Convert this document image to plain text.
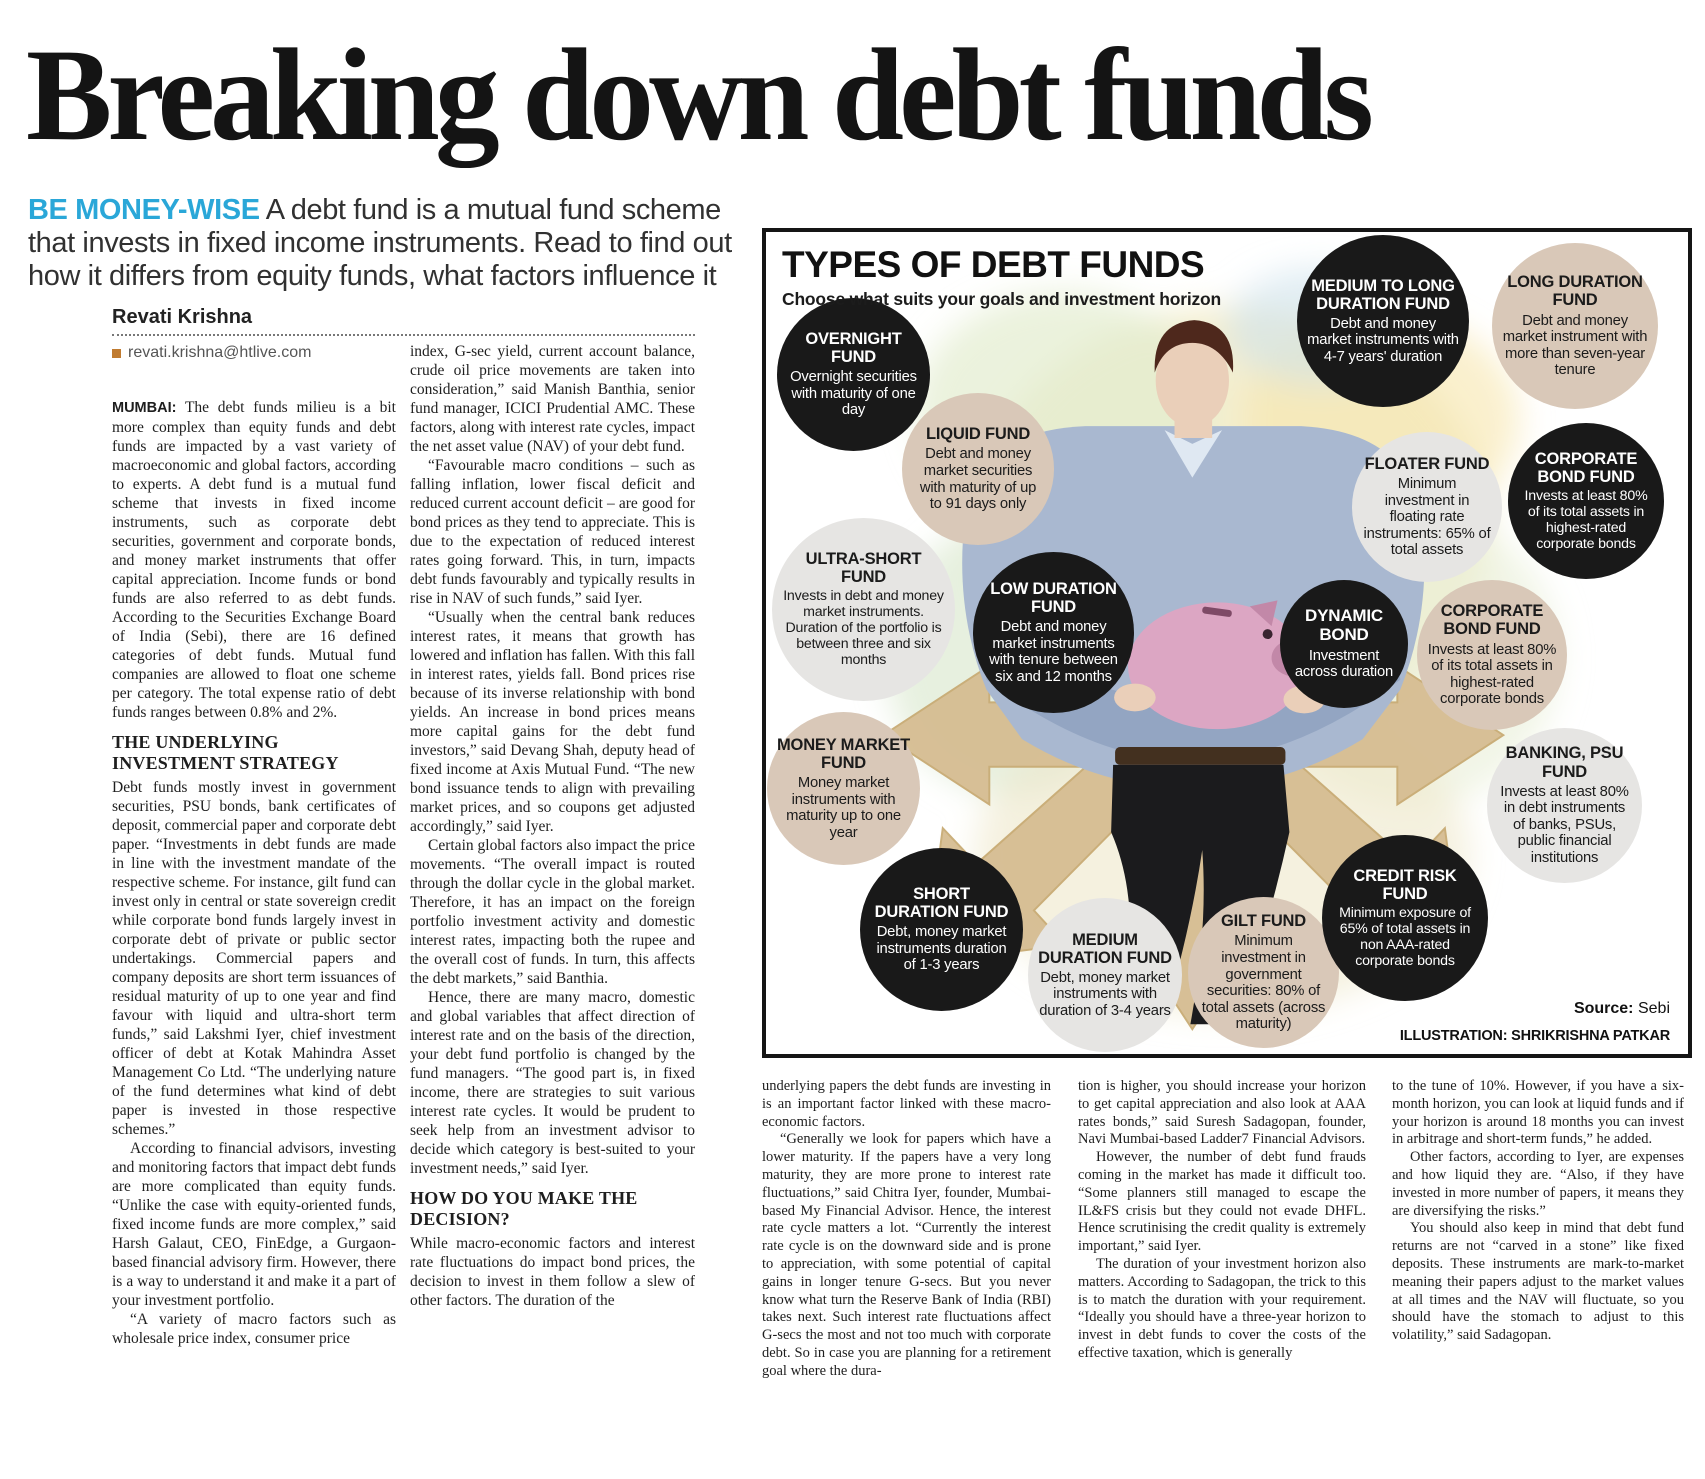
Breaking down debt funds
BE MONEY-WISE A debt fund is a mutual fund scheme that invests in fixed income instruments. Read to find out how it differs from equity funds, what factors influence it
Revati Krishna
revati.krishna@htlive.com

MUMBAI: The debt funds milieu is a bit more complex than equity funds and debt funds are impacted by a vast variety of macroeconomic and global factors, according to experts. A debt fund is a mutual fund scheme that invests in fixed income instruments, such as corporate debt securities, government and corporate bonds, and money market instruments that offer capital appreciation. Income funds or bond funds are also referred to as debt funds. According to the Securities Exchange Board of India (Sebi), there are 16 defined categories of debt funds. Mutual fund companies are allowed to float one scheme per category. The total expense ratio of debt funds ranges between 0.8% and 2%.

THE UNDERLYING INVESTMENT STRATEGY

Debt funds mostly invest in government securities, PSU bonds, bank certificates of deposit, commercial paper and corporate debt paper. “Investments in debt funds are made in line with the investment mandate of the respective scheme. For instance, gilt fund can invest only in central or state sovereign credit while corporate bond funds largely invest in corporate debt of private or public sector undertakings. Commercial papers and company deposits are short term issuances of residual maturity of up to one year and find favour with liquid and ultra-short term funds,” said Lakshmi Iyer, chief investment officer of debt at Kotak Mahindra Asset Management Co Ltd. “The underlying nature of the fund determines what kind of debt paper is invested in those respective schemes.”

According to financial advisors, investing and monitoring factors that impact debt funds are more complicated than equity funds. “Unlike the case with equity-oriented funds, fixed income funds are more complex,” said Harsh Galaut, CEO, FinEdge, a Gurgaon-based financial advisory firm. However, there is a way to understand it and make it a part of your investment portfolio.

“A variety of macro factors such as wholesale price index, consumer price

index, G-sec yield, current account balance, crude oil price movements are taken into consideration,” said Manish Banthia, senior fund manager, ICICI Prudential AMC. These factors, along with interest rate cycles, impact the net asset value (NAV) of your debt fund.

“Favourable macro conditions – such as falling inflation, lower fiscal deficit and reduced current account deficit – are good for bond prices as they tend to appreciate. This is due to the expectation of reduced interest rates going forward. This, in turn, impacts debt funds favourably and typically results in rise in NAV of such funds,” said Iyer.

“Usually when the central bank reduces interest rates, it means that growth has lowered and inflation has fallen. With this fall in interest rates, yields fall. Bond prices rise because of its inverse relationship with bond yields. An increase in bond prices means more capital gains for the debt fund investors,” said Devang Shah, deputy head of fixed income at Axis Mutual Fund. “The new bond issuance tends to align with prevailing market prices, and so coupons get adjusted accordingly,” said Iyer.

Certain global factors also impact the price movements. “The overall impact is routed through the dollar cycle in the global market. Therefore, it has an impact on the foreign portfolio investment activity and domestic interest rates, impacting both the rupee and the overall cost of funds. In turn, this affects the debt markets,” said Banthia.

Hence, there are many macro, domestic and global variables that affect direction of interest rate and on the basis of the direction, your debt fund portfolio is changed by the fund managers. “The good part is, in fixed income, there are strategies to suit various interest rate cycles. It would be prudent to seek help from an investment advisor to decide which category is best-suited to your investment needs,” said Iyer.

HOW DO YOU MAKE THE DECISION?

While macro-economic factors and interest rate fluctuations do impact bond prices, the decision to invest in them follow a slew of other factors. The duration of the

TYPES OF DEBT FUNDS
Choose what suits your goals and investment horizon
OVERNIGHT FUND
Overnight securities with maturity of one day
LIQUID FUND
Debt and money market securities with maturity of up to 91 days only
ULTRA-SHORT FUND
Invests in debt and money market instruments. Duration of the portfolio is between three and six months
LOW DURATION FUND
Debt and money market instruments with tenure between six and 12 months
MONEY MARKET FUND
Money market instruments with maturity up to one year
SHORT DURATION FUND
Debt, money market instruments duration of 1-3 years
MEDIUM DURATION FUND
Debt, money market instruments with duration of 3-4 years
GILT FUND
Minimum investment in government securities: 80% of total assets (across maturity)
CREDIT RISK FUND
Minimum exposure of 65% of total assets in non AAA-rated corporate bonds
MEDIUM TO LONG DURATION FUND
Debt and money market instruments with 4-7 years' duration
LONG DURATION FUND
Debt and money market instrument with more than seven-year tenure
FLOATER FUND
Minimum investment in floating rate instruments: 65% of total assets
CORPORATE BOND FUND
Invests at least 80% of its total assets in highest-rated corporate bonds
DYNAMIC BOND
Investment across duration
CORPORATE BOND FUND
Invests at least 80% of its total assets in highest-rated corporate bonds
BANKING, PSU FUND
Invests at least 80% in debt instruments of banks, PSUs, public financial institutions
Source: Sebi
ILLUSTRATION: SHRIKRISHNA PATKAR

underlying papers the debt funds are investing in is an important factor linked with these macro-economic factors.

“Generally we look for papers which have a lower maturity. If the papers have a very long maturity, they are more prone to interest rate fluctuations,” said Chitra Iyer, founder, Mumbai-based My Financial Advisor. Hence, the interest rate cycle matters a lot. “Currently the interest rate cycle is on the downward side and is prone to appreciation, with some potential of capital gains in longer tenure G-secs. But you never know what turn the Reserve Bank of India (RBI) takes next. Such interest rate fluctuations affect G-secs the most and not too much with corporate debt. So in case you are planning for a retirement goal where the dura-

tion is higher, you should increase your horizon to get capital appreciation and also look at AAA rates bonds,” said Suresh Sadagopan, founder, Navi Mumbai-based Ladder7 Financial Advisors.

However, the number of debt fund frauds coming in the market has made it difficult too. “Some planners still managed to escape the IL&FS crisis but they could not evade DHFL. Hence scrutinising the credit quality is extremely important,” said Iyer.

The duration of your investment horizon also matters. According to Sadagopan, the trick to this is to match the duration with your requirement. “Ideally you should have a three-year horizon to invest in debt funds to cover the costs of the effective taxation, which is generally

to the tune of 10%. However, if you have a six-month horizon, you can look at liquid funds and if your horizon is around 18 months you can invest in arbitrage and short-term funds,” he added.

Other factors, according to Iyer, are expenses and how liquid they are. “Also, if they have invested in more number of papers, it means they are diversifying the risks.”

You should also keep in mind that debt fund returns are not “carved in a stone” like fixed deposits. These instruments are mark-to-market meaning their papers adjust to the market values at all times and the NAV will fluctuate, so you should have the stomach to adjust to this volatility,” said Sadagopan.
